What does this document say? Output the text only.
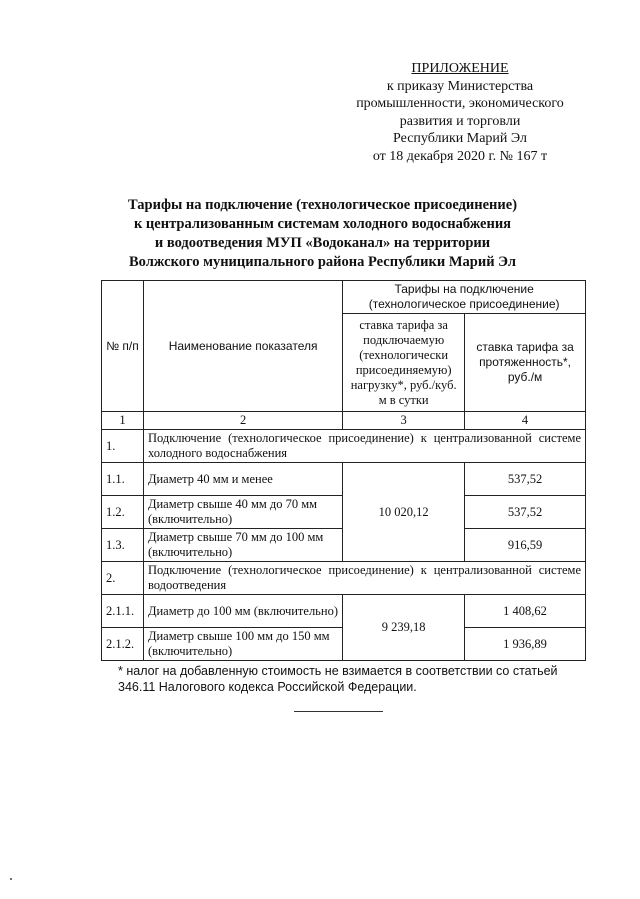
ПРИЛОЖЕНИЕ
к приказу Министерства
промышленности, экономического
развития и торговли
Республики Марий Эл
от 18 декабря 2020 г. № 167 т
Тарифы на подключение (технологическое присоединение)
к централизованным системам холодного водоснабжения
и водоотведения МУП «Водоканал» на территории
Волжского муниципального района Республики Марий Эл
№ п/п	Наименование показателя	Тарифы на подключение (технологическое присоединение)	
		ставка тарифа за подключаемую (технологически присоединяемую) нагрузку*, руб./куб. м в сутки	ставка тарифа за протяженность*, руб./м
1	2	3	4
1.	Подключение (технологическое присоединение) к централизованной системе холодного водоснабжения		
1.1.	Диаметр 40 мм и менее	10 020,12	537,52
1.2.	Диаметр свыше 40 мм до 70 мм (включительно)		537,52
1.3.	Диаметр свыше 70 мм до 100 мм (включительно)		916,59
2.	Подключение (технологическое присоединение) к централизованной системе водоотведения		
2.1.1.	Диаметр до 100 мм (включительно)	9 239,18	1 408,62
2.1.2.	Диаметр свыше 100 мм до 150 мм (включительно)		1 936,89
* налог на добавленную стоимость не взимается в соответствии со статьей 346.11 Налогового кодекса Российской Федерации.
